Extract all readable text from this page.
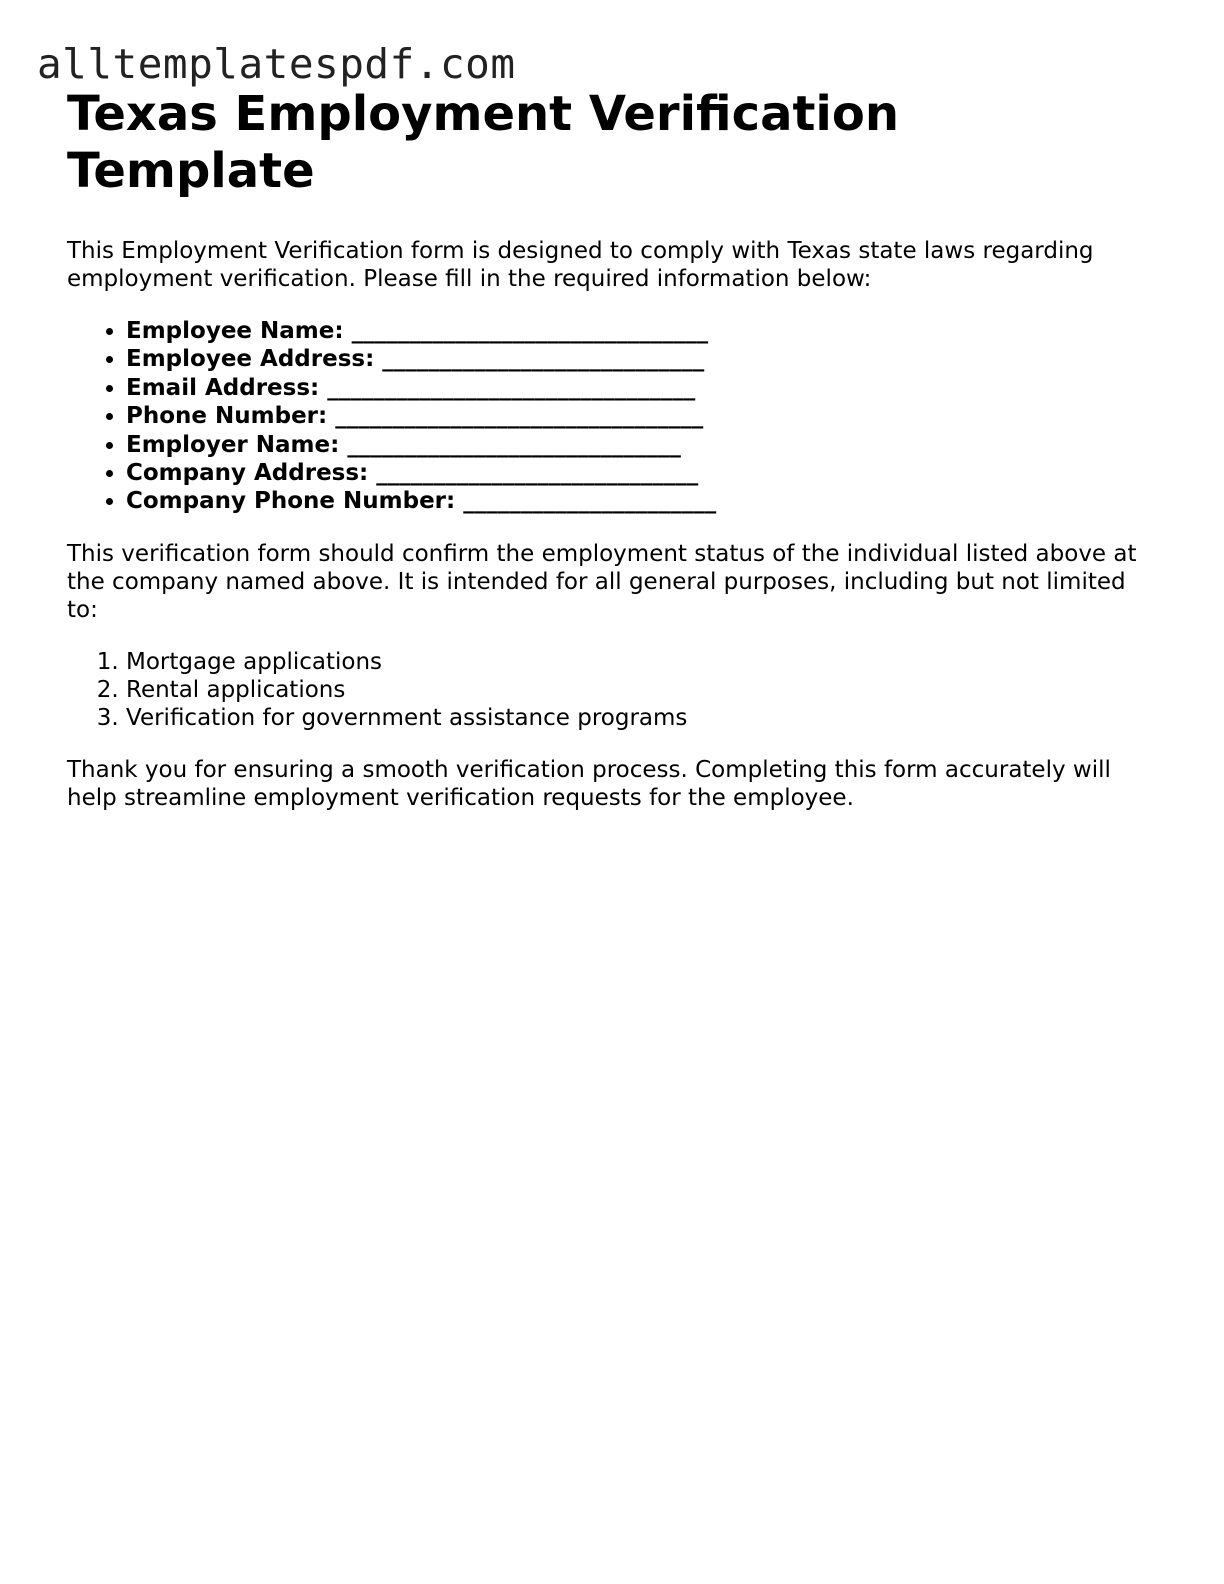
alltemplatespdf.com
Texas Employment Verification Template

This Employment Verification form is designed to comply with Texas state laws regarding employment verification. Please fill in the required information below:

• Employee Name: _______________________________
• Employee Address: ____________________________
• Email Address: ________________________________
• Phone Number: ________________________________
• Employer Name: _____________________________
• Company Address: ____________________________
• Company Phone Number: ______________________

This verification form should confirm the employment status of the individual listed above at the company named above. It is intended for all general purposes, including but not limited to:

1. Mortgage applications
2. Rental applications
3. Verification for government assistance programs

Thank you for ensuring a smooth verification process. Completing this form accurately will help streamline employment verification requests for the employee.
